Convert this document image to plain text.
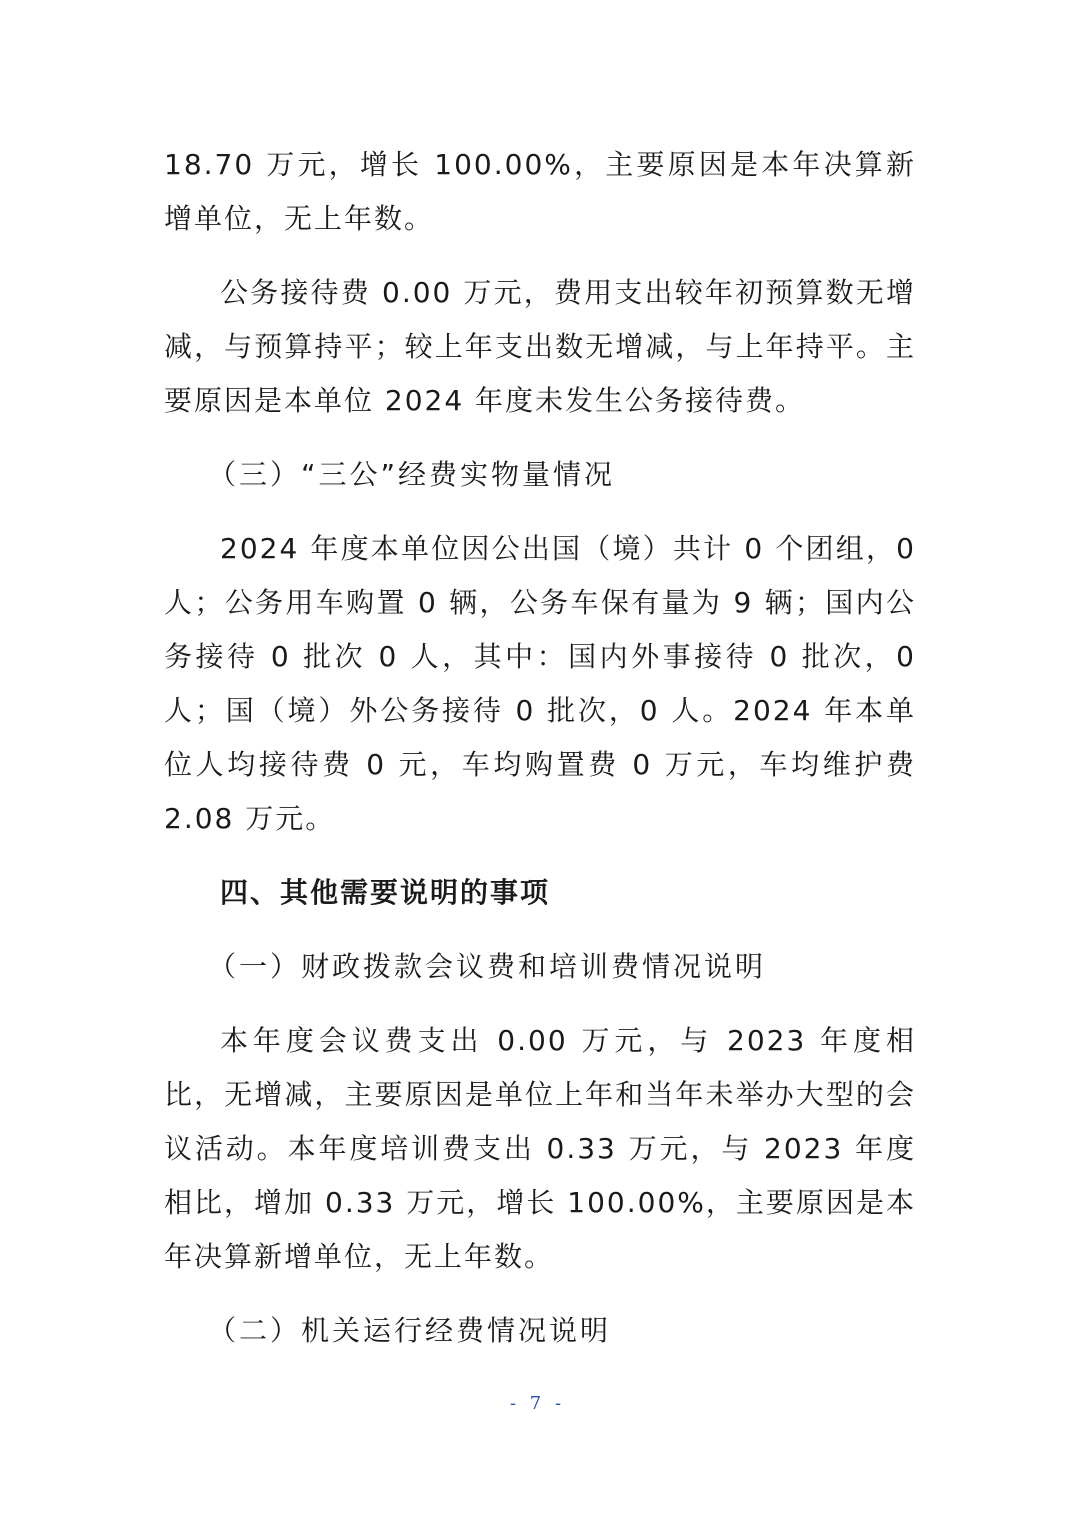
18.70 万元，增长 100.00%，主要原因是本年决算新增单位，无上年数。

公务接待费 0.00 万元，费用支出较年初预算数无增减，与预算持平；较上年支出数无增减，与上年持平。主要原因是本单位 2024 年度未发生公务接待费。

（三）“三公”经费实物量情况

2024 年度本单位因公出国（境）共计 0 个团组，0 人；公务用车购置 0 辆，公务车保有量为 9 辆；国内公务接待 0 批次 0 人，其中：国内外事接待 0 批次，0 人；国（境）外公务接待 0 批次，0 人。2024 年本单位人均接待费 0 元，车均购置费 0 万元，车均维护费 2.08 万元。

四、其他需要说明的事项

（一）财政拨款会议费和培训费情况说明

本年度会议费支出 0.00 万元，与 2023 年度相比，无增减，主要原因是单位上年和当年未举办大型的会议活动。本年度培训费支出 0.33 万元，与 2023 年度相比，增加 0.33 万元，增长 100.00%，主要原因是本年决算新增单位，无上年数。

（二）机关运行经费情况说明

- 7 -
